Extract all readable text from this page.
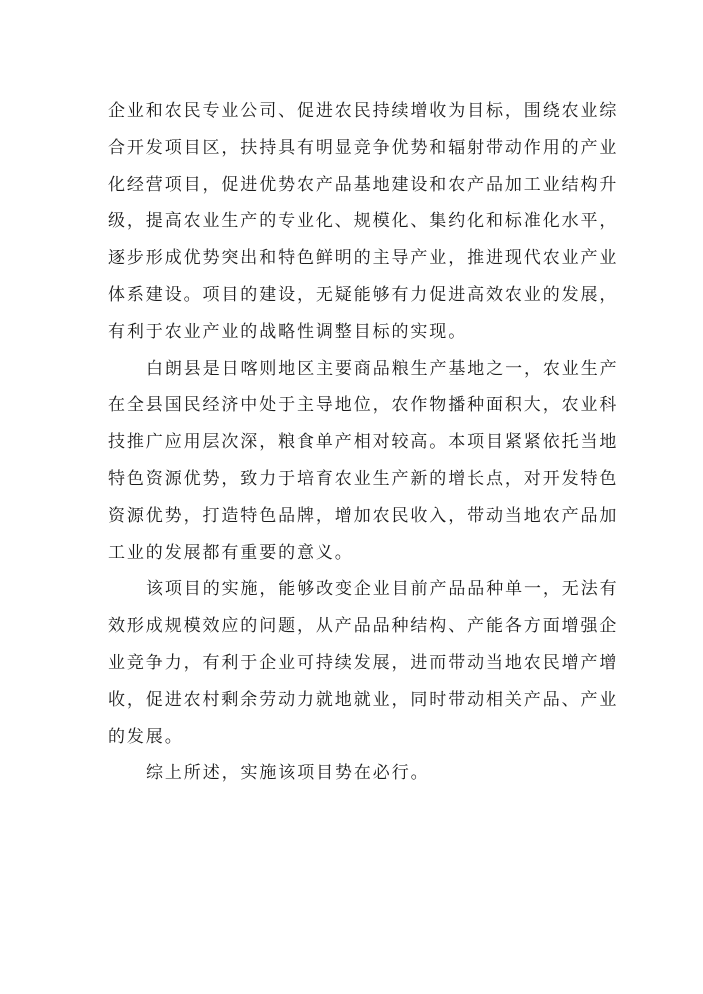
企业和农民专业公司、促进农民持续增收为目标，围绕农业综
合开发项目区，扶持具有明显竞争优势和辐射带动作用的产业
化经营项目，促进优势农产品基地建设和农产品加工业结构升
级，提高农业生产的专业化、规模化、集约化和标准化水平，
逐步形成优势突出和特色鲜明的主导产业，推进现代农业产业
体系建设。项目的建设，无疑能够有力促进高效农业的发展，
有利于农业产业的战略性调整目标的实现。
白朗县是日喀则地区主要商品粮生产基地之一，农业生产
在全县国民经济中处于主导地位，农作物播种面积大，农业科
技推广应用层次深，粮食单产相对较高。本项目紧紧依托当地
特色资源优势，致力于培育农业生产新的增长点，对开发特色
资源优势，打造特色品牌，增加农民收入，带动当地农产品加
工业的发展都有重要的意义。
该项目的实施，能够改变企业目前产品品种单一，无法有
效形成规模效应的问题，从产品品种结构、产能各方面增强企
业竞争力，有利于企业可持续发展，进而带动当地农民增产增
收，促进农村剩余劳动力就地就业，同时带动相关产品、产业
的发展。
综上所述，实施该项目势在必行。
